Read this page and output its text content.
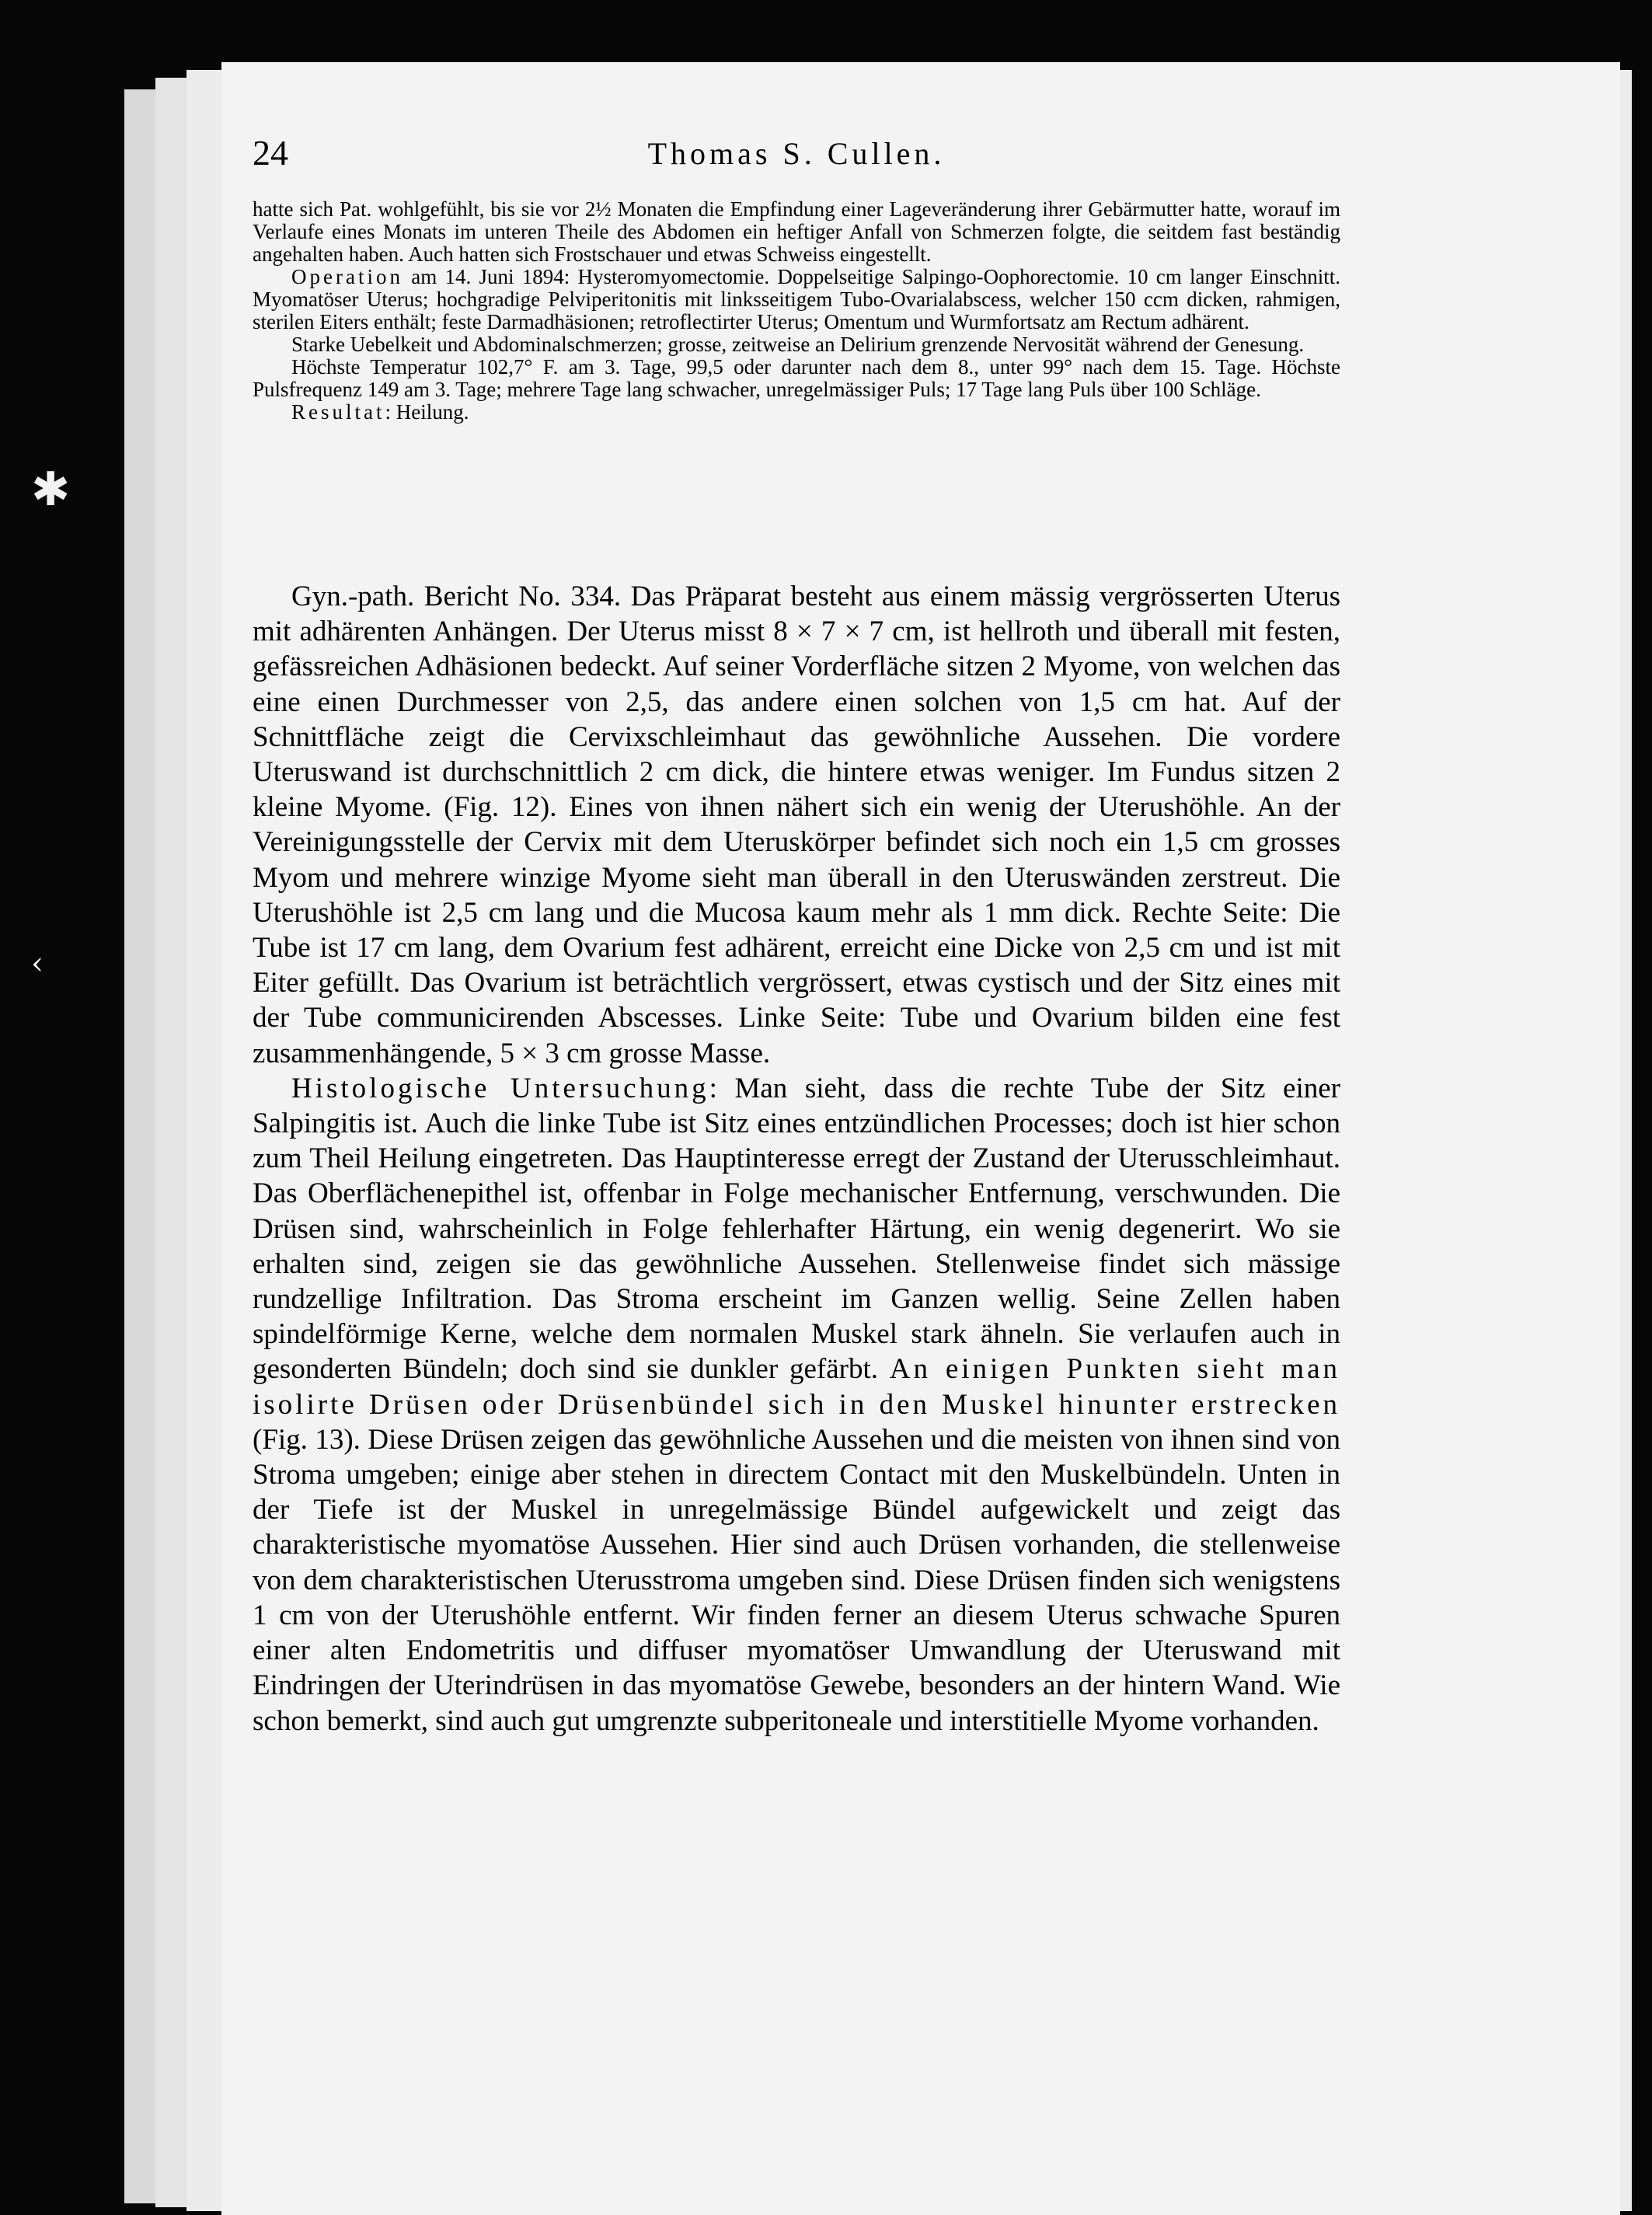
✱
‹
24	Thomas S. Cullen.

hatte sich Pat. wohlgefühlt, bis sie vor 2½ Monaten die Empfindung einer Lageveränderung ihrer Gebärmutter hatte, worauf im Verlaufe eines Monats im unteren Theile des Abdomen ein heftiger Anfall von Schmerzen folgte, die seitdem fast beständig angehalten haben. Auch hatten sich Frostschauer und etwas Schweiss eingestellt.

Operation am 14. Juni 1894: Hysteromyomectomie. Doppelseitige Salpingo-Oophorectomie. 10 cm langer Einschnitt. Myomatöser Uterus; hochgradige Pelviperitonitis mit linksseitigem Tubo-Ovarialabscess, welcher 150 ccm dicken, rahmigen, sterilen Eiters enthält; feste Darmadhäsionen; retroflectirter Uterus; Omentum und Wurmfortsatz am Rectum adhärent.

Starke Uebelkeit und Abdominalschmerzen; grosse, zeitweise an Delirium grenzende Nervosität während der Genesung.

Höchste Temperatur 102,7° F. am 3. Tage, 99,5 oder darunter nach dem 8., unter 99° nach dem 15. Tage. Höchste Pulsfrequenz 149 am 3. Tage; mehrere Tage lang schwacher, unregelmässiger Puls; 17 Tage lang Puls über 100 Schläge.

Resultat: Heilung.

Gyn.-path. Bericht No. 334. Das Präparat besteht aus einem mässig vergrösserten Uterus mit adhärenten Anhängen. Der Uterus misst 8 × 7 × 7 cm, ist hellroth und überall mit festen, gefässreichen Adhäsionen bedeckt. Auf seiner Vorderfläche sitzen 2 Myome, von welchen das eine einen Durchmesser von 2,5, das andere einen solchen von 1,5 cm hat. Auf der Schnittfläche zeigt die Cervixschleimhaut das gewöhnliche Aussehen. Die vordere Uteruswand ist durchschnittlich 2 cm dick, die hintere etwas weniger. Im Fundus sitzen 2 kleine Myome. (Fig. 12). Eines von ihnen nähert sich ein wenig der Uterushöhle. An der Vereinigungsstelle der Cervix mit dem Uteruskörper befindet sich noch ein 1,5 cm grosses Myom und mehrere winzige Myome sieht man überall in den Uteruswänden zerstreut. Die Uterushöhle ist 2,5 cm lang und die Mucosa kaum mehr als 1 mm dick. Rechte Seite: Die Tube ist 17 cm lang, dem Ovarium fest adhärent, erreicht eine Dicke von 2,5 cm und ist mit Eiter gefüllt. Das Ovarium ist beträchtlich vergrössert, etwas cystisch und der Sitz eines mit der Tube communicirenden Abscesses. Linke Seite: Tube und Ovarium bilden eine fest zusammenhängende, 5 × 3 cm grosse Masse.

Histologische Untersuchung: Man sieht, dass die rechte Tube der Sitz einer Salpingitis ist. Auch die linke Tube ist Sitz eines entzündlichen Processes; doch ist hier schon zum Theil Heilung eingetreten. Das Hauptinteresse erregt der Zustand der Uterusschleimhaut. Das Oberflächenepithel ist, offenbar in Folge mechanischer Entfernung, verschwunden. Die Drüsen sind, wahrscheinlich in Folge fehlerhafter Härtung, ein wenig degenerirt. Wo sie erhalten sind, zeigen sie das gewöhnliche Aussehen. Stellenweise findet sich mässige rundzellige Infiltration. Das Stroma erscheint im Ganzen wellig. Seine Zellen haben spindelförmige Kerne, welche dem normalen Muskel stark ähneln. Sie verlaufen auch in gesonderten Bündeln; doch sind sie dunkler gefärbt. An einigen Punkten sieht man isolirte Drüsen oder Drüsenbündel sich in den Muskel hinunter erstrecken (Fig. 13). Diese Drüsen zeigen das gewöhnliche Aussehen und die meisten von ihnen sind von Stroma umgeben; einige aber stehen in directem Contact mit den Muskelbündeln. Unten in der Tiefe ist der Muskel in unregelmässige Bündel aufgewickelt und zeigt das charakteristische myomatöse Aussehen. Hier sind auch Drüsen vorhanden, die stellenweise von dem charakteristischen Uterusstroma umgeben sind. Diese Drüsen finden sich wenigstens 1 cm von der Uterushöhle entfernt. Wir finden ferner an diesem Uterus schwache Spuren einer alten Endometritis und diffuser myomatöser Umwandlung der Uteruswand mit Eindringen der Uterindrüsen in das myomatöse Gewebe, besonders an der hintern Wand. Wie schon bemerkt, sind auch gut umgrenzte subperitoneale und interstitielle Myome vorhanden.
